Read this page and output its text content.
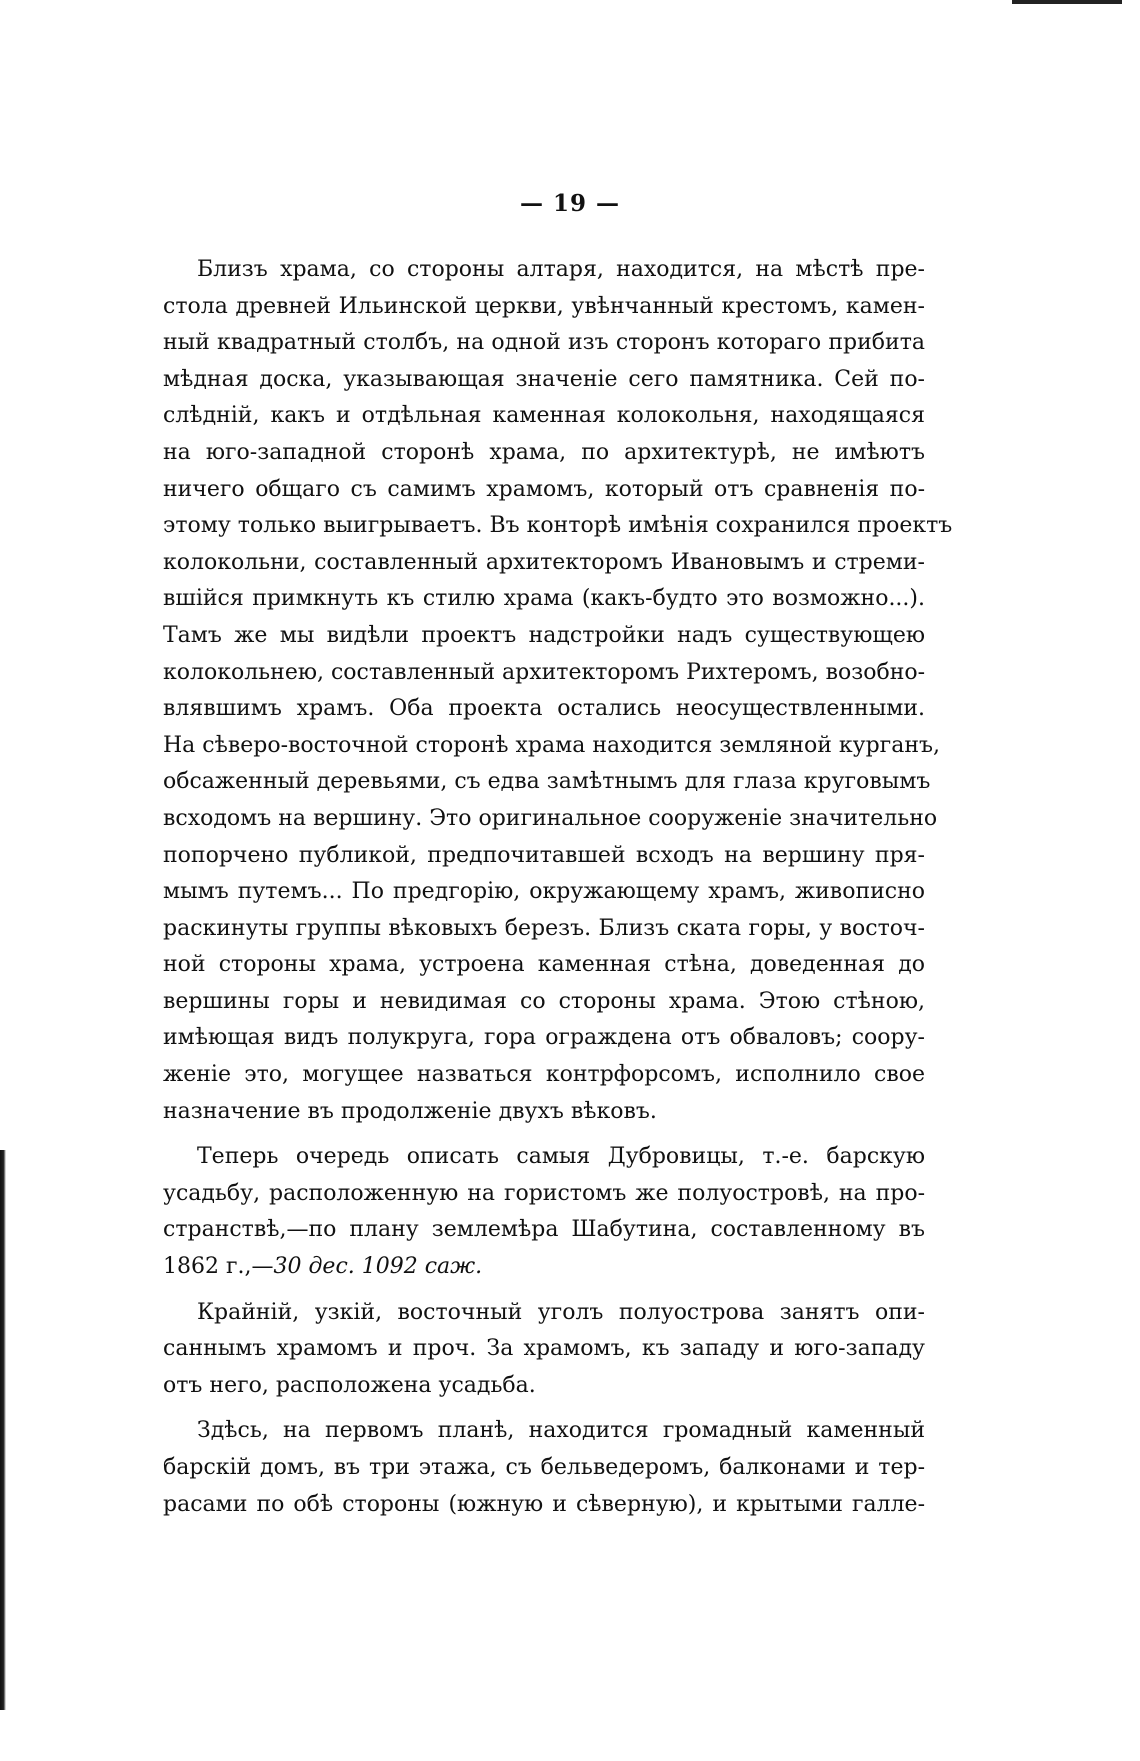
— 19 —
Близъ храма, со стороны алтаря, находится, на мѣстѣ пре-
стола древней Ильинской церкви, увѣнчанный крестомъ, камен-
ный квадратный столбъ, на одной изъ сторонъ котораго прибита
мѣдная доска, указывающая значеніе сего памятника. Сей по-
слѣдній, какъ и отдѣльная каменная колокольня, находящаяся
на юго-западной сторонѣ храма, по архитектурѣ, не имѣютъ
ничего общаго съ самимъ храмомъ, который отъ сравненія по-
этому только выигрываетъ. Въ конторѣ имѣнія сохранился проектъ
колокольни, составленный архитекторомъ Ивановымъ и стреми-
вшійся примкнуть къ стилю храма (какъ-будто это возможно...).
Тамъ же мы видѣли проектъ надстройки надъ существующею
колокольнею, составленный архитекторомъ Рихтеромъ, возобно-
влявшимъ храмъ. Оба проекта остались неосуществленными.
На сѣверо-восточной сторонѣ храма находится земляной курганъ,
обсаженный деревьями, съ едва замѣтнымъ для глаза круговымъ
всходомъ на вершину. Это оригинальное сооруженіе значительно
попорчено публикой, предпочитавшей всходъ на вершину пря-
мымъ путемъ... По предгорію, окружающему храмъ, живописно
раскинуты группы вѣковыхъ березъ. Близъ ската горы, у восточ-
ной стороны храма, устроена каменная стѣна, доведенная до
вершины горы и невидимая со стороны храма. Этою стѣною,
имѣющая видъ полукруга, гора ограждена отъ обваловъ; cooру-
женіе это, могущее назваться контрфорсомъ, исполнило свое
назначение въ продолженіе двухъ вѣковъ.
Теперь очередь описать самыя Дубровицы, т.-е. барскую
усадьбу, расположенную на гористомъ же полуостровѣ, на про-
странствѣ,—по плану землемѣра Шабутина, составленному въ
1862 г.,—30 дес. 1092 саж.
Крайній, узкій, восточный уголъ полуострова занятъ опи-
саннымъ храмомъ и проч. За храмомъ, къ западу и юго-западу
отъ него, расположена усадьба.
Здѣсь, на первомъ планѣ, находится громадный каменный
барскій домъ, въ три этажа, съ бельведеромъ, балконами и тер-
расами по обѣ стороны (южную и сѣверную), и крытыми галле-
